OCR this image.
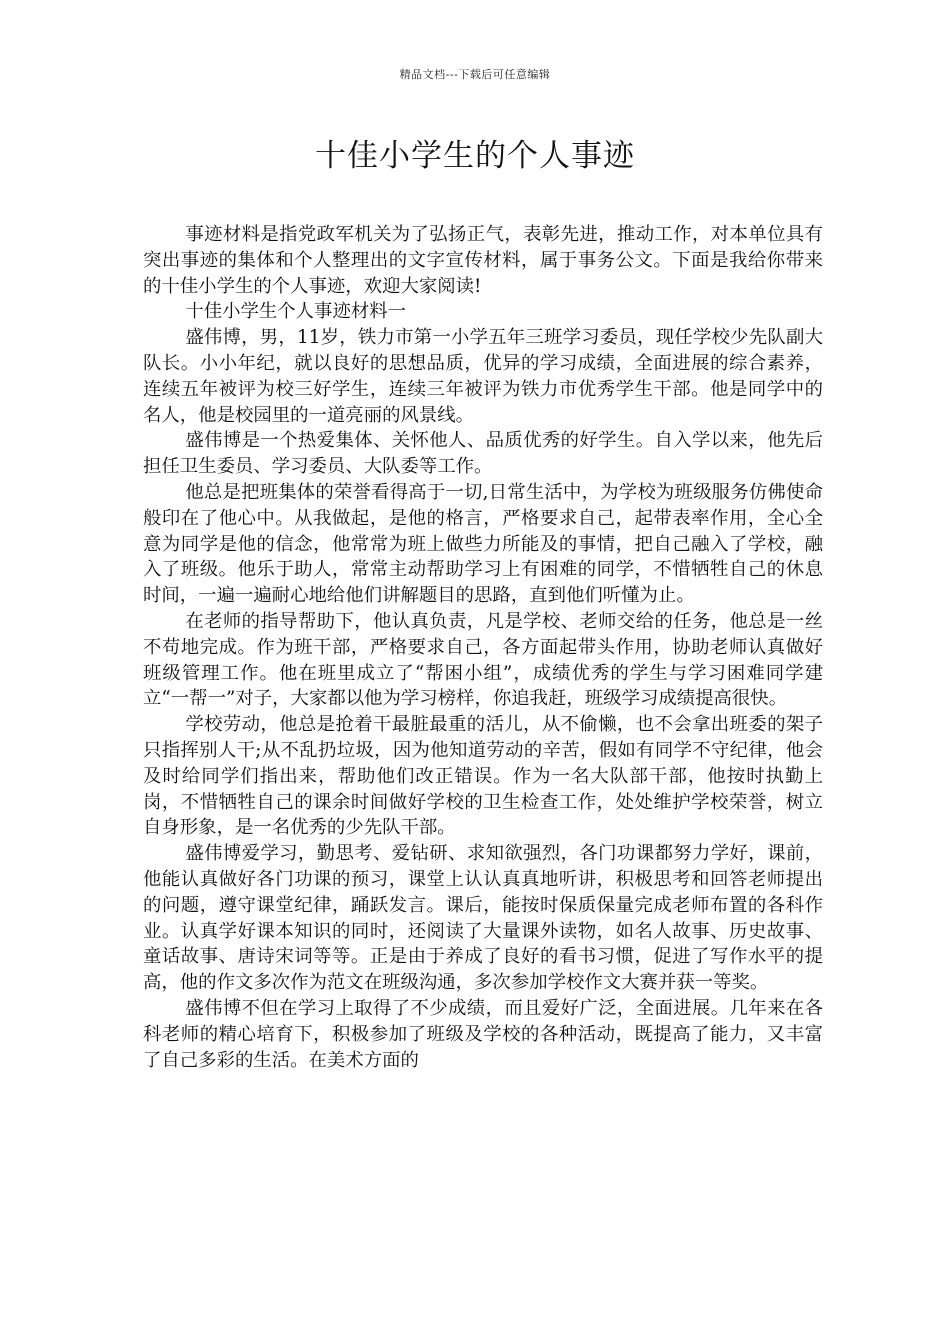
精品文档---下载后可任意编辑
十佳小学生的个人事迹

事迹材料是指党政军机关为了弘扬正气，表彰先进，推动工作，对本单位具有突出事迹的集体和个人整理出的文字宣传材料，属于事务公文。下面是我给你带来的十佳小学生的个人事迹，欢迎大家阅读!

十佳小学生个人事迹材料一

盛伟博，男，11岁，铁力市第一小学五年三班学习委员，现任学校少先队副大队长。小小年纪，就以良好的思想品质，优异的学习成绩，全面进展的综合素养，连续五年被评为校三好学生，连续三年被评为铁力市优秀学生干部。他是同学中的名人，他是校园里的一道亮丽的风景线。

盛伟博是一个热爱集体、关怀他人、品质优秀的好学生。自入学以来，他先后担任卫生委员、学习委员、大队委等工作。

他总是把班集体的荣誉看得高于一切,日常生活中，为学校为班级服务仿佛使命般印在了他心中。从我做起，是他的格言，严格要求自己，起带表率作用，全心全意为同学是他的信念，他常常为班上做些力所能及的事情，把自己融入了学校，融入了班级。他乐于助人，常常主动帮助学习上有困难的同学，不惜牺牲自己的休息时间，一遍一遍耐心地给他们讲解题目的思路，直到他们听懂为止。

在老师的指导帮助下，他认真负责，凡是学校、老师交给的任务，他总是一丝不苟地完成。作为班干部，严格要求自己，各方面起带头作用，协助老师认真做好班级管理工作。他在班里成立了“帮困小组”，成绩优秀的学生与学习困难同学建立“一帮一”对子，大家都以他为学习榜样，你追我赶，班级学习成绩提高很快。

学校劳动，他总是抢着干最脏最重的活儿，从不偷懒，也不会拿出班委的架子只指挥别人干;从不乱扔垃圾，因为他知道劳动的辛苦，假如有同学不守纪律，他会及时给同学们指出来，帮助他们改正错误。作为一名大队部干部，他按时执勤上岗，不惜牺牲自己的课余时间做好学校的卫生检查工作，处处维护学校荣誉，树立自身形象，是一名优秀的少先队干部。

盛伟博爱学习，勤思考、爱钻研、求知欲强烈，各门功课都努力学好，课前，他能认真做好各门功课的预习，课堂上认认真真地听讲，积极思考和回答老师提出的问题，遵守课堂纪律，踊跃发言。课后，能按时保质保量完成老师布置的各科作业。认真学好课本知识的同时，还阅读了大量课外读物，如名人故事、历史故事、童话故事、唐诗宋词等等。正是由于养成了良好的看书习惯，促进了写作水平的提高，他的作文多次作为范文在班级沟通，多次参加学校作文大赛并获一等奖。

盛伟博不但在学习上取得了不少成绩，而且爱好广泛，全面进展。几年来在各科老师的精心培育下，积极参加了班级及学校的各种活动，既提高了能力，又丰富了自己多彩的生活。在美术方面的
